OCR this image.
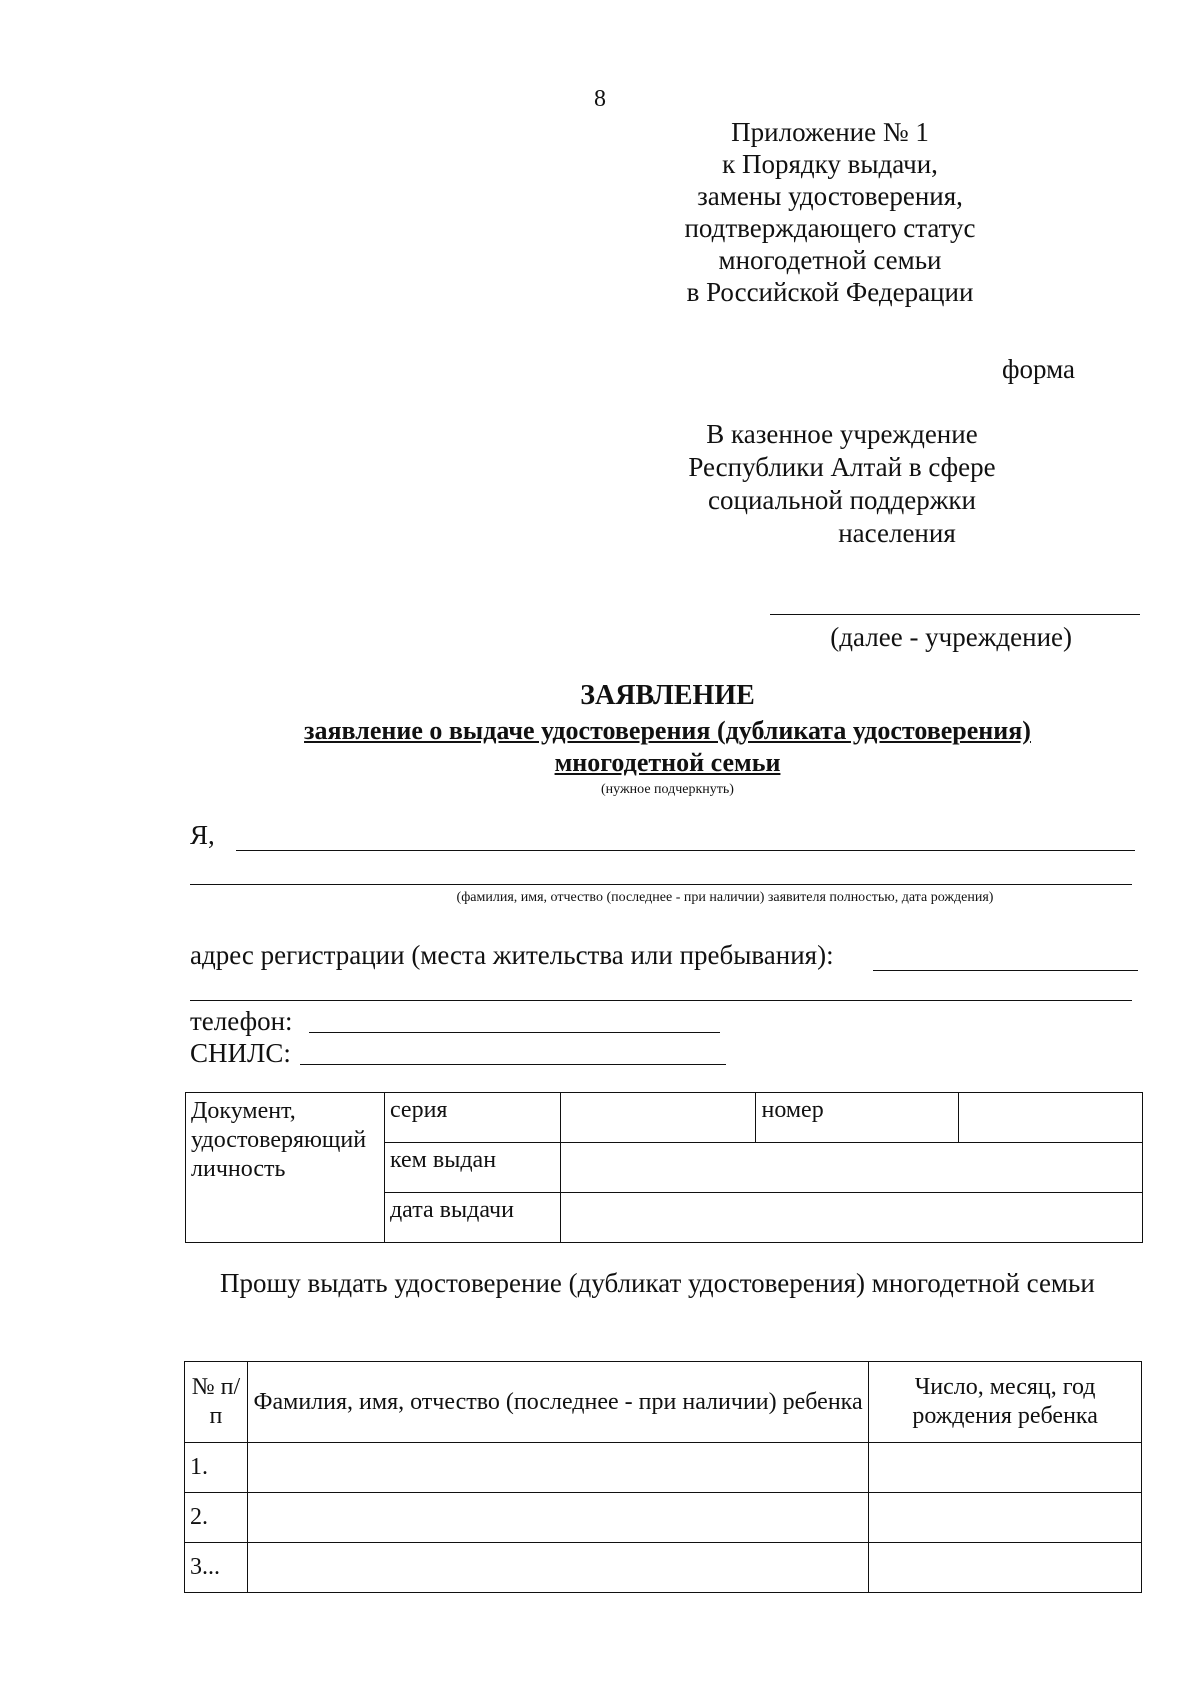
8
Приложение № 1
к Порядку выдачи,
замены удостоверения,
подтверждающего статус
многодетной семьи
в Российской Федерации
форма
В казенное учреждение
Республики Алтай в сфере
социальной поддержки
населения
(далее - учреждение)
ЗАЯВЛЕНИЕ
заявление о выдаче удостоверения (дубликата удостоверения)
многодетной семьи
(нужное подчеркнуть)
Я,
(фамилия, имя, отчество (последнее - при наличии) заявителя полностью, дата рождения)
адрес регистрации (места жительства или пребывания):
телефон:
СНИЛС:
Документ, удостоверяющий личность	серия		номер	
	кем выдан			
	дата выдачи			
Прошу выдать удостоверение (дубликат удостоверения) многодетной семьи
№ п/п	Фамилия, имя, отчество (последнее - при наличии) ребенка	Число, месяц, год рождения ребенка
1.		
2.		
3...		
